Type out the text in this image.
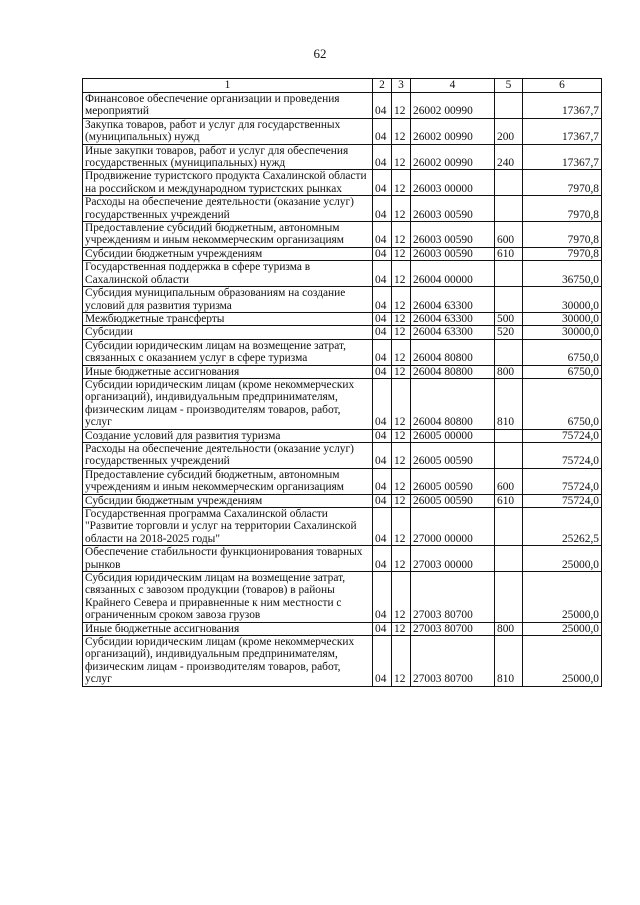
62
1	2	3	4	5	6
Финансовое обеспечение организации и проведения мероприятий	04	12	26002 00990		17367,7
Закупка товаров, работ и услуг для государственных (муниципальных) нужд	04	12	26002 00990	200	17367,7
Иные закупки товаров, работ и услуг для обеспечения государственных (муниципальных) нужд	04	12	26002 00990	240	17367,7
Продвижение туристского продукта Сахалинской области на российском и международном туристских рынках	04	12	26003 00000		7970,8
Расходы на обеспечение деятельности (оказание услуг) государственных учреждений	04	12	26003 00590		7970,8
Предоставление субсидий бюджетным, автономным учреждениям и иным некоммерческим организациям	04	12	26003 00590	600	7970,8
Субсидии бюджетным учреждениям	04	12	26003 00590	610	7970,8
Государственная поддержка в сфере туризма в Сахалинской области	04	12	26004 00000		36750,0
Субсидия муниципальным образованиям на создание условий для развития туризма	04	12	26004 63300		30000,0
Межбюджетные трансферты	04	12	26004 63300	500	30000,0
Субсидии	04	12	26004 63300	520	30000,0
Субсидии юридическим лицам на возмещение затрат, связанных с оказанием услуг в сфере туризма	04	12	26004 80800		6750,0
Иные бюджетные ассигнования	04	12	26004 80800	800	6750,0
Субсидии юридическим лицам (кроме некоммерческих организаций), индивидуальным предпринимателям, физическим лицам - производителям товаров, работ, услуг	04	12	26004 80800	810	6750,0
Создание условий для развития туризма	04	12	26005 00000		75724,0
Расходы на обеспечение деятельности (оказание услуг) государственных учреждений	04	12	26005 00590		75724,0
Предоставление субсидий бюджетным, автономным учреждениям и иным некоммерческим организациям	04	12	26005 00590	600	75724,0
Субсидии бюджетным учреждениям	04	12	26005 00590	610	75724,0
Государственная программа Сахалинской области "Развитие торговли и услуг на территории Сахалинской области на 2018-2025 годы"	04	12	27000 00000		25262,5
Обеспечение стабильности функционирования товарных рынков	04	12	27003 00000		25000,0
Субсидия юридическим лицам на возмещение затрат, связанных с завозом продукции (товаров) в районы Крайнего Севера и приравненные к ним местности с ограниченным сроком завоза грузов	04	12	27003 80700		25000,0
Иные бюджетные ассигнования	04	12	27003 80700	800	25000,0
Субсидии юридическим лицам (кроме некоммерческих организаций), индивидуальным предпринимателям, физическим лицам - производителям товаров, работ, услуг	04	12	27003 80700	810	25000,0
